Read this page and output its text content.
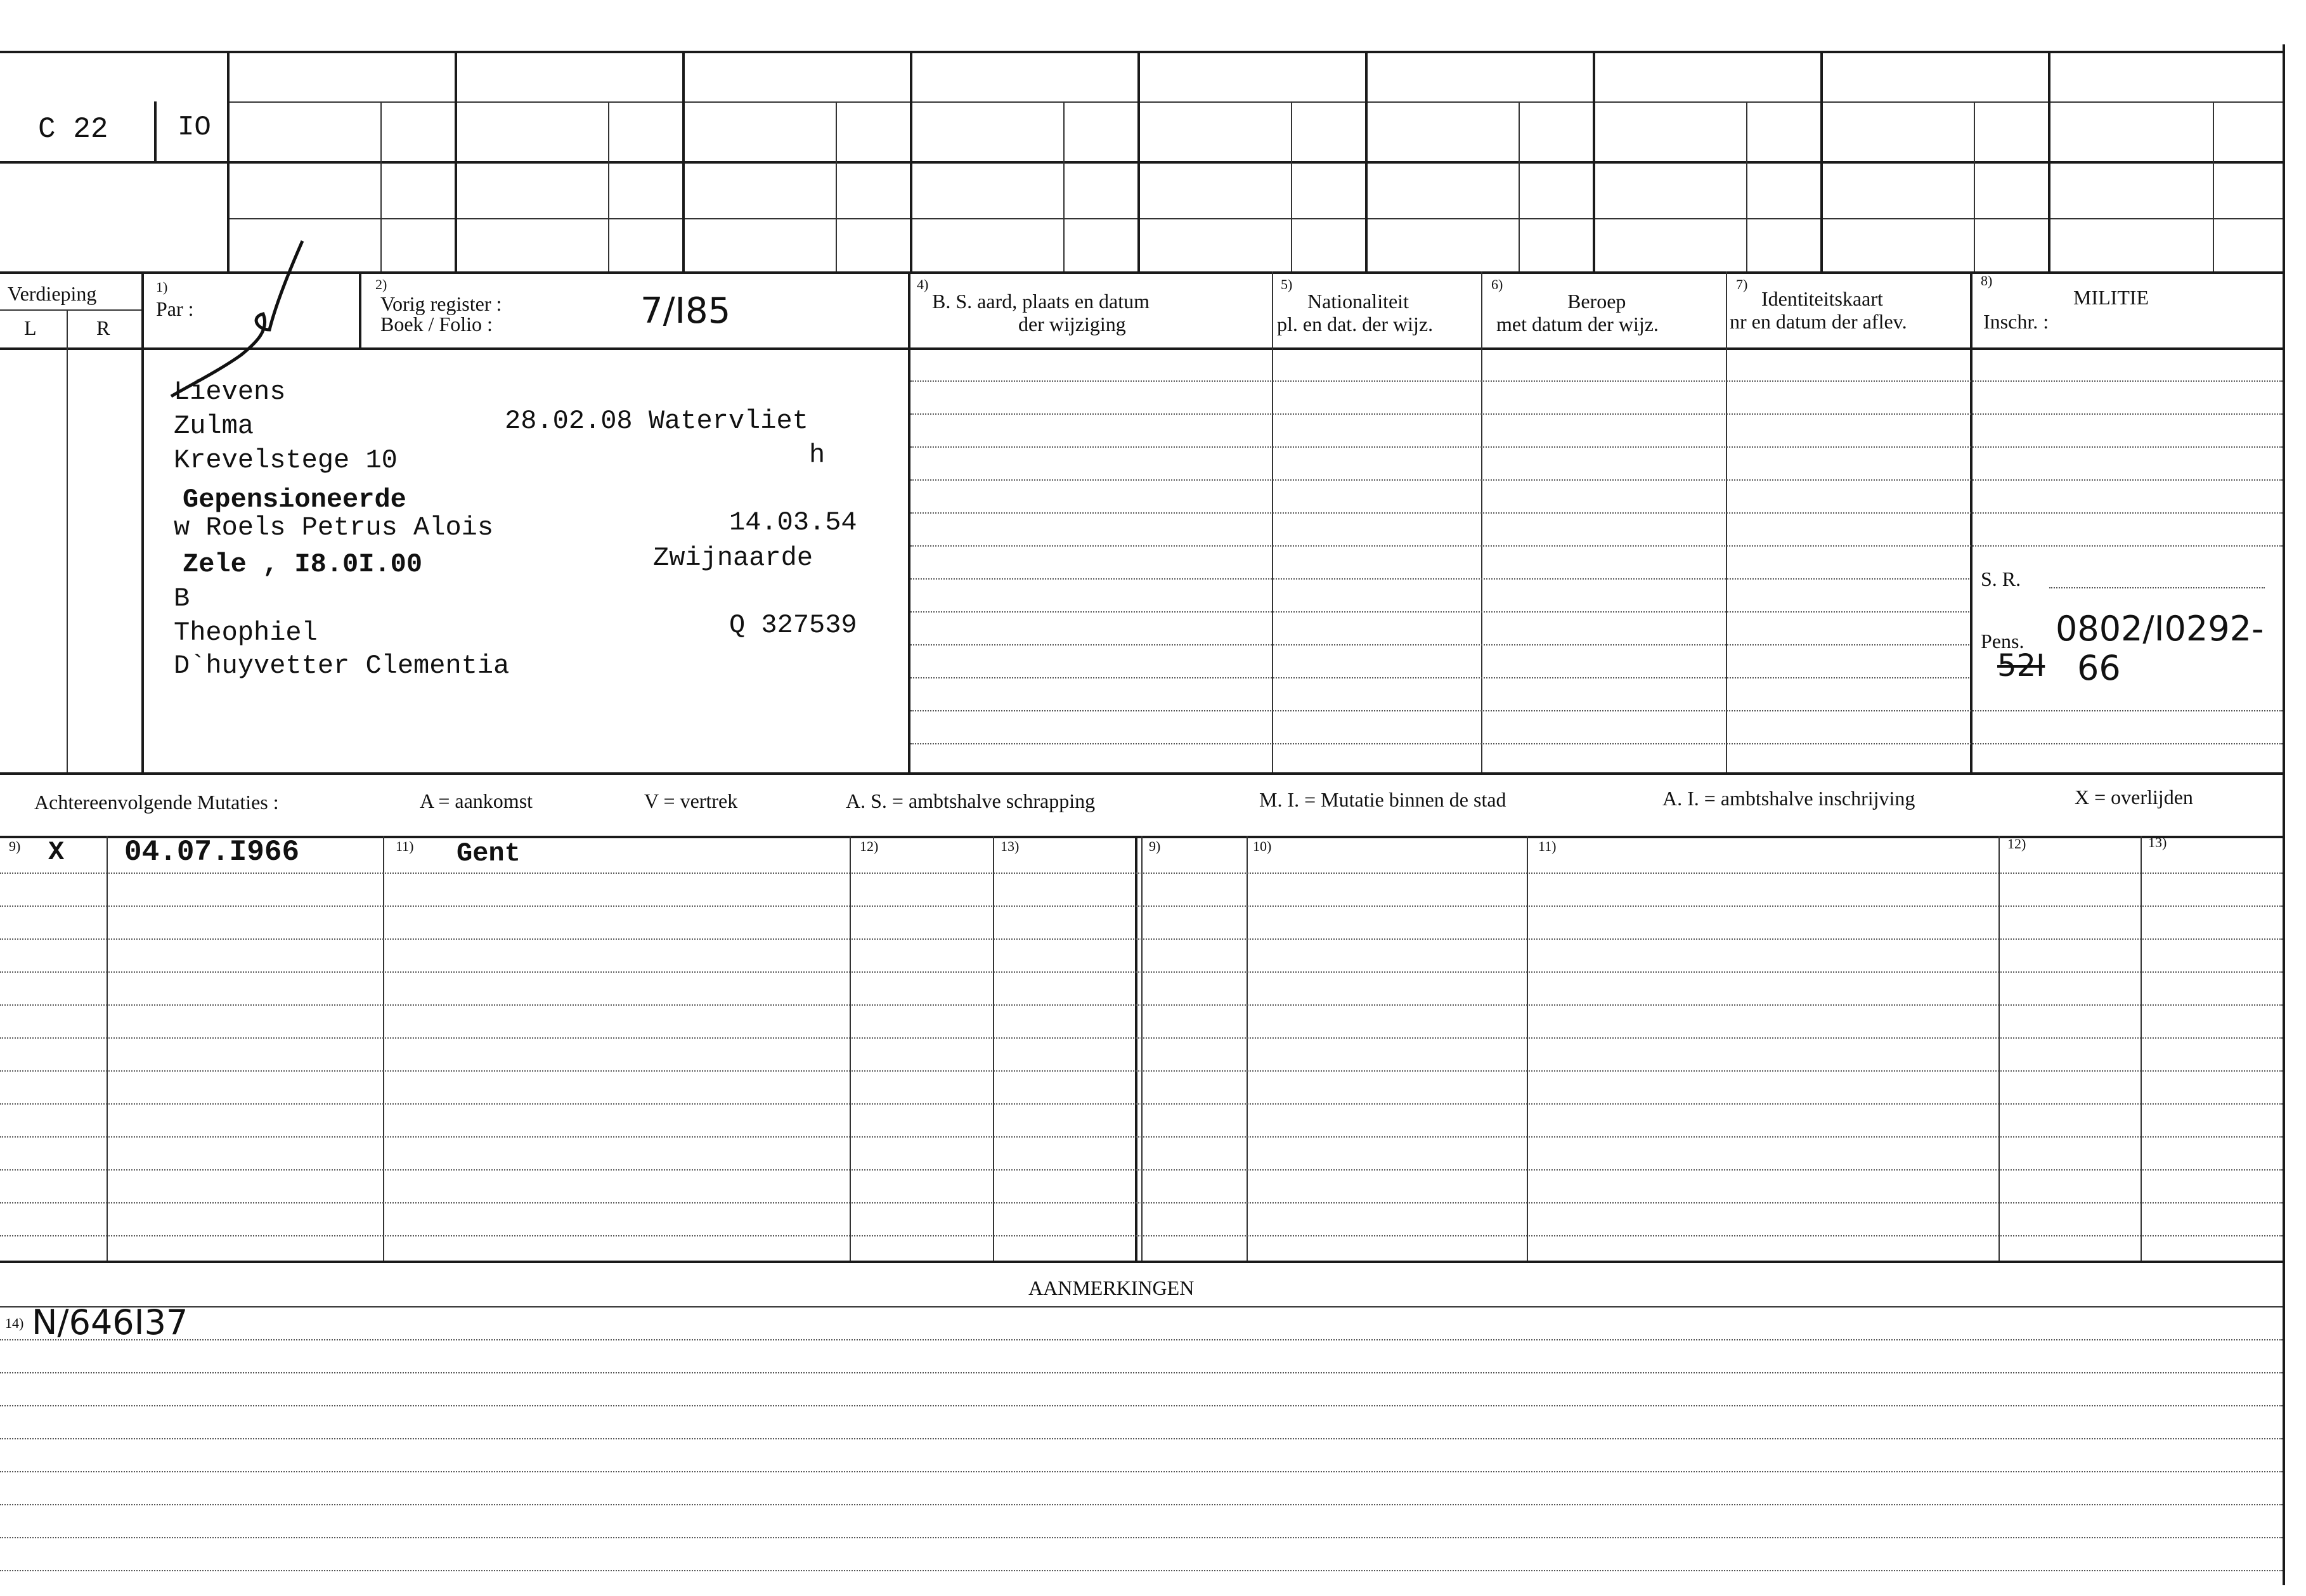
C 22 IO
Verdieping
L	R
1)
Par :
2)
Vorig register :
Boek / Folio :	7/I85
4)
B. S. aard, plaats en datum
der wijziging
5)
Nationaliteit
pl. en dat. der wijz.
6)
Beroep
met datum der wijz.
7)
Identiteitskaart
nr en datum der aflev.
8)
MILITIE
Inschr. :
S. R.
Pens. 0802/I0292-
52I 66
Lievens
Zulma	28.02.08 Watervliet
Krevelstege 10	h
Gepensioneerde
w Roels Petrus Alois	14.03.54
Zele , I8.0I.00	Zwijnaarde
B
Theophiel	Q 327539
D`huyvetter Clementia
Achtereenvolgende Mutaties :	A = aankomst	V = vertrek	A. S. = ambtshalve schrapping	M. I. = Mutatie binnen de stad	A. I. = ambtshalve inschrijving	X = overlijden
9)	11)	12)	13)	9)	10)	11)	12)	13)
X 04.07.I966	Gent
AANMERKINGEN
14) N/646I37
